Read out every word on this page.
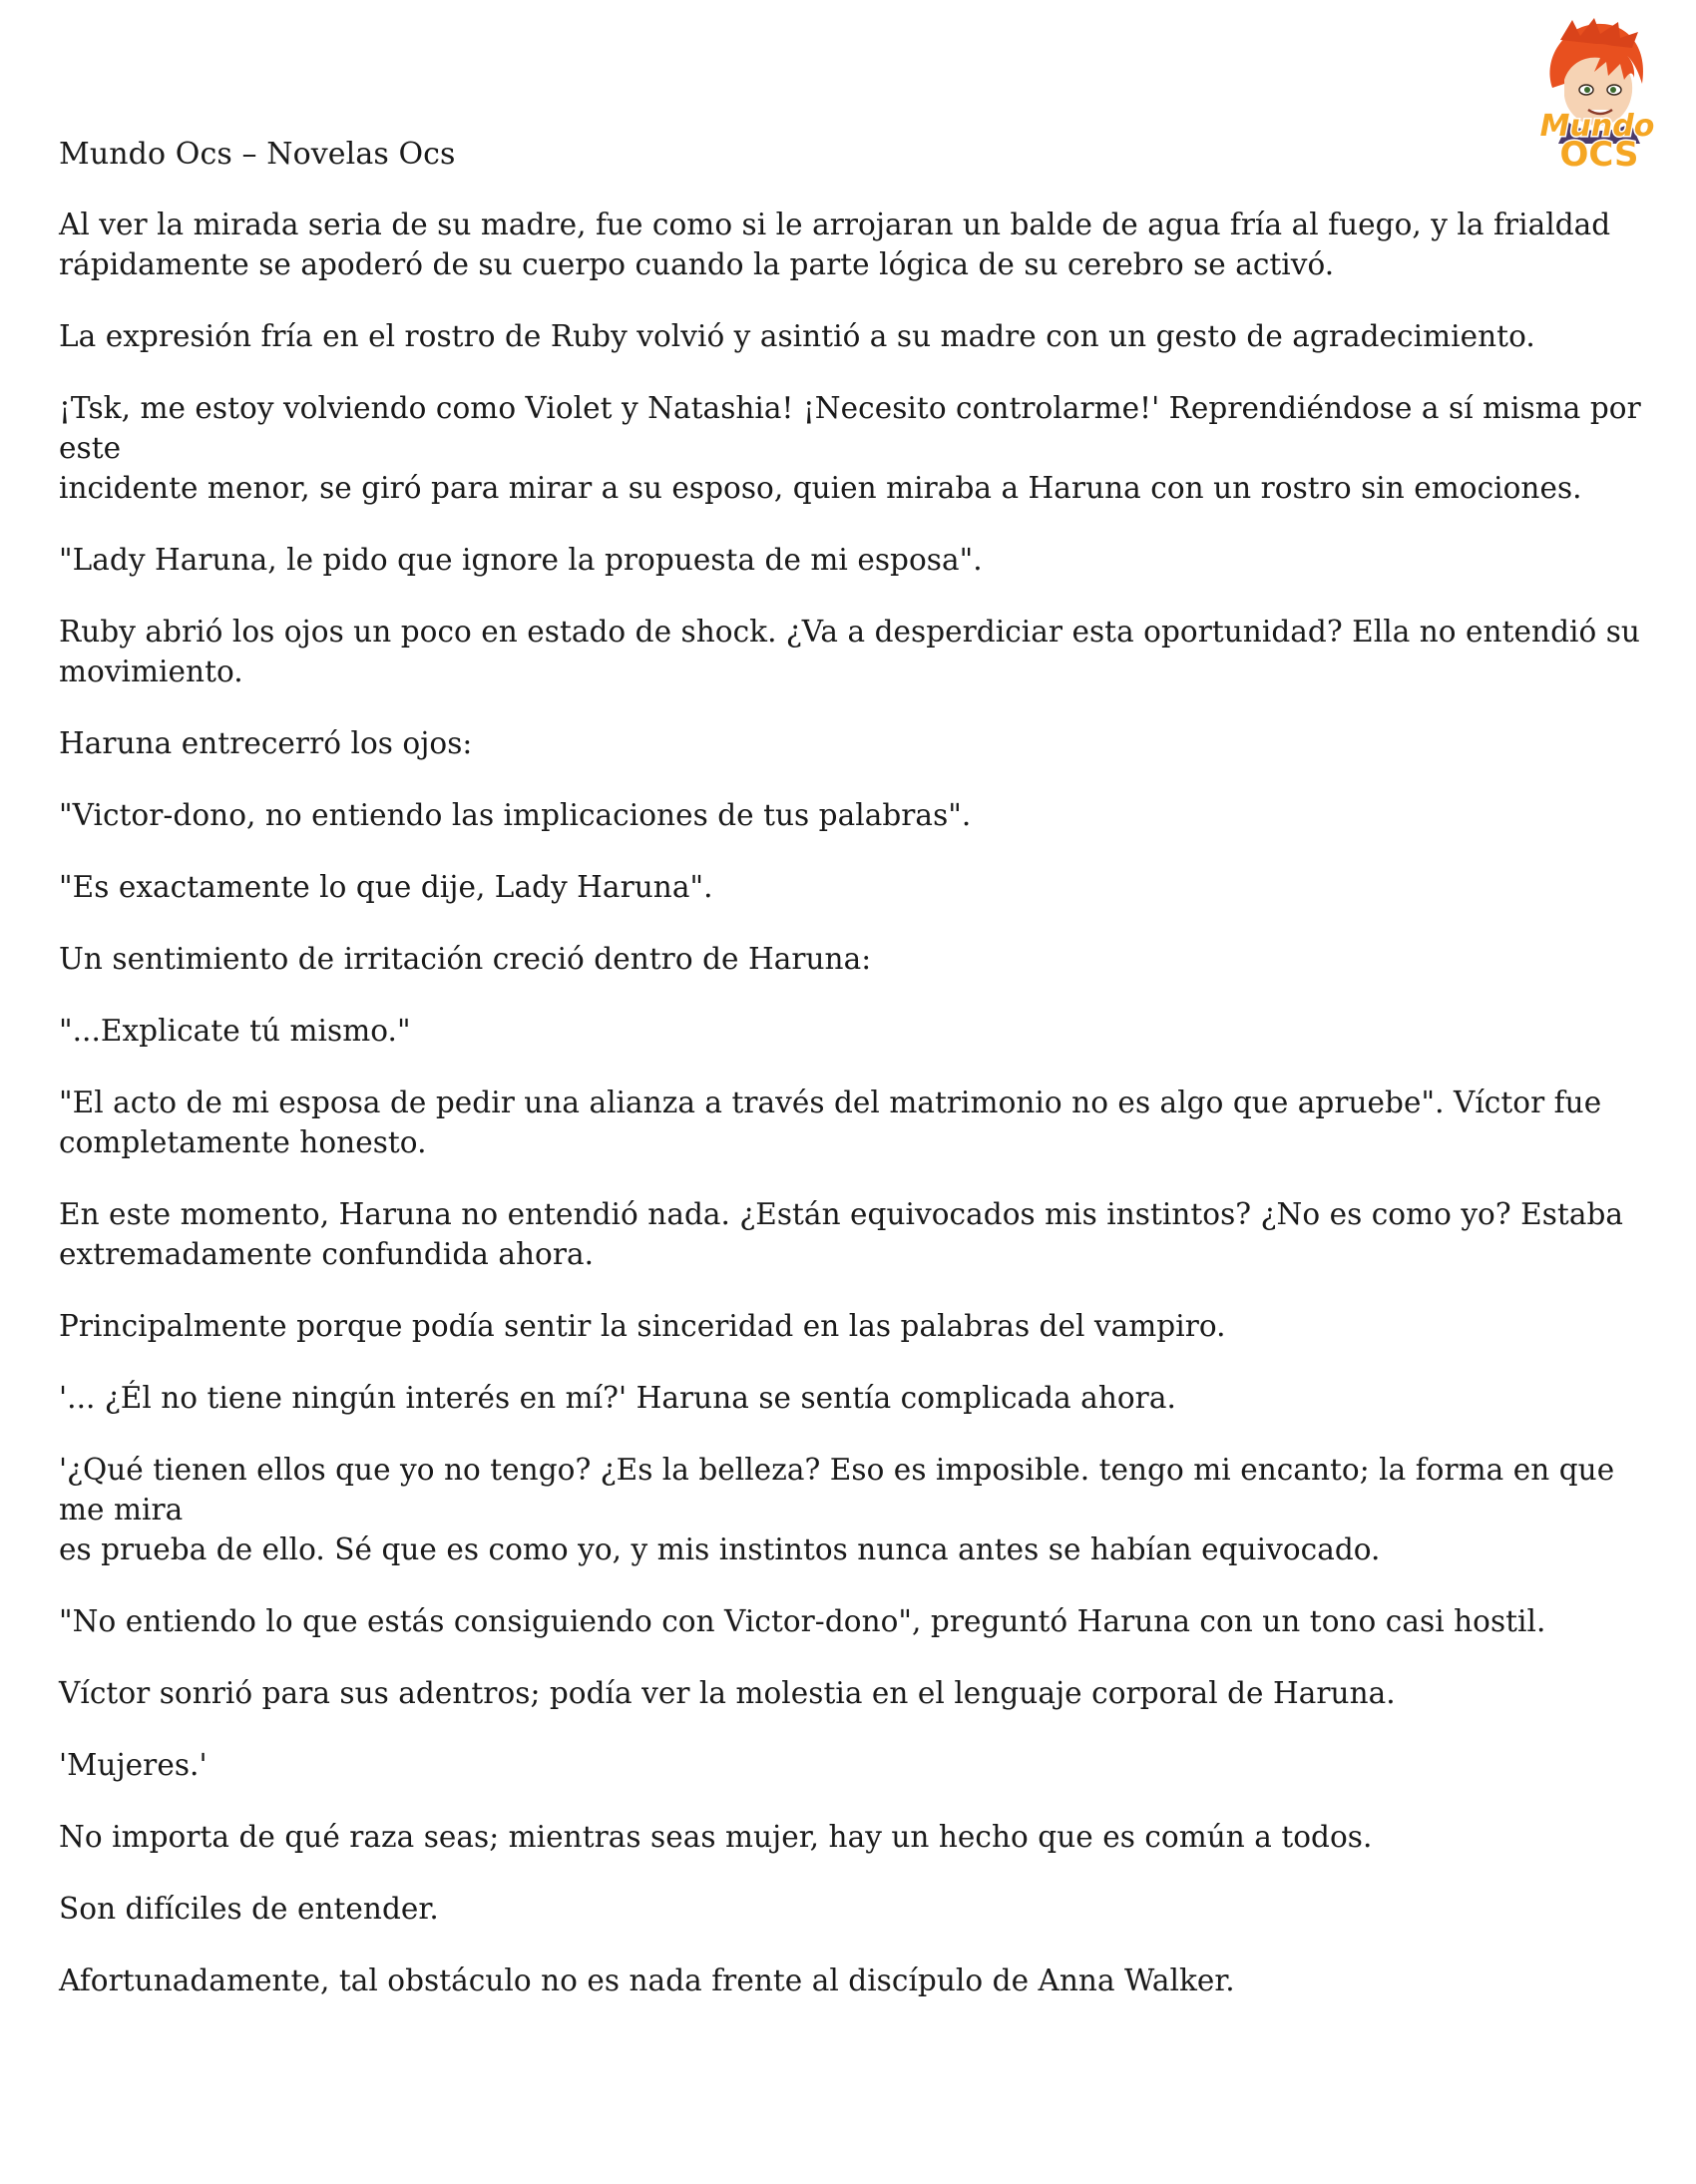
Mundo
OCS

Mundo Ocs – Novelas Ocs

Al ver la mirada seria de su madre, fue como si le arrojaran un balde de agua fría al fuego, y la frialdad
rápidamente se apoderó de su cuerpo cuando la parte lógica de su cerebro se activó.

La expresión fría en el rostro de Ruby volvió y asintió a su madre con un gesto de agradecimiento.

¡Tsk, me estoy volviendo como Violet y Natashia! ¡Necesito controlarme!' Reprendiéndose a sí misma por este
incidente menor, se giró para mirar a su esposo, quien miraba a Haruna con un rostro sin emociones.

"Lady Haruna, le pido que ignore la propuesta de mi esposa".

Ruby abrió los ojos un poco en estado de shock. ¿Va a desperdiciar esta oportunidad? Ella no entendió su
movimiento.

Haruna entrecerró los ojos:

"Victor-dono, no entiendo las implicaciones de tus palabras".

"Es exactamente lo que dije, Lady Haruna".

Un sentimiento de irritación creció dentro de Haruna:

"...Explicate tú mismo."

"El acto de mi esposa de pedir una alianza a través del matrimonio no es algo que apruebe". Víctor fue
completamente honesto.

En este momento, Haruna no entendió nada. ¿Están equivocados mis instintos? ¿No es como yo? Estaba
extremadamente confundida ahora.

Principalmente porque podía sentir la sinceridad en las palabras del vampiro.

'... ¿Él no tiene ningún interés en mí?' Haruna se sentía complicada ahora.

'¿Qué tienen ellos que yo no tengo? ¿Es la belleza? Eso es imposible. tengo mi encanto; la forma en que me mira
es prueba de ello. Sé que es como yo, y mis instintos nunca antes se habían equivocado.

"No entiendo lo que estás consiguiendo con Victor-dono", preguntó Haruna con un tono casi hostil.

Víctor sonrió para sus adentros; podía ver la molestia en el lenguaje corporal de Haruna.

'Mujeres.'

No importa de qué raza seas; mientras seas mujer, hay un hecho que es común a todos.

Son difíciles de entender.

Afortunadamente, tal obstáculo no es nada frente al discípulo de Anna Walker.
